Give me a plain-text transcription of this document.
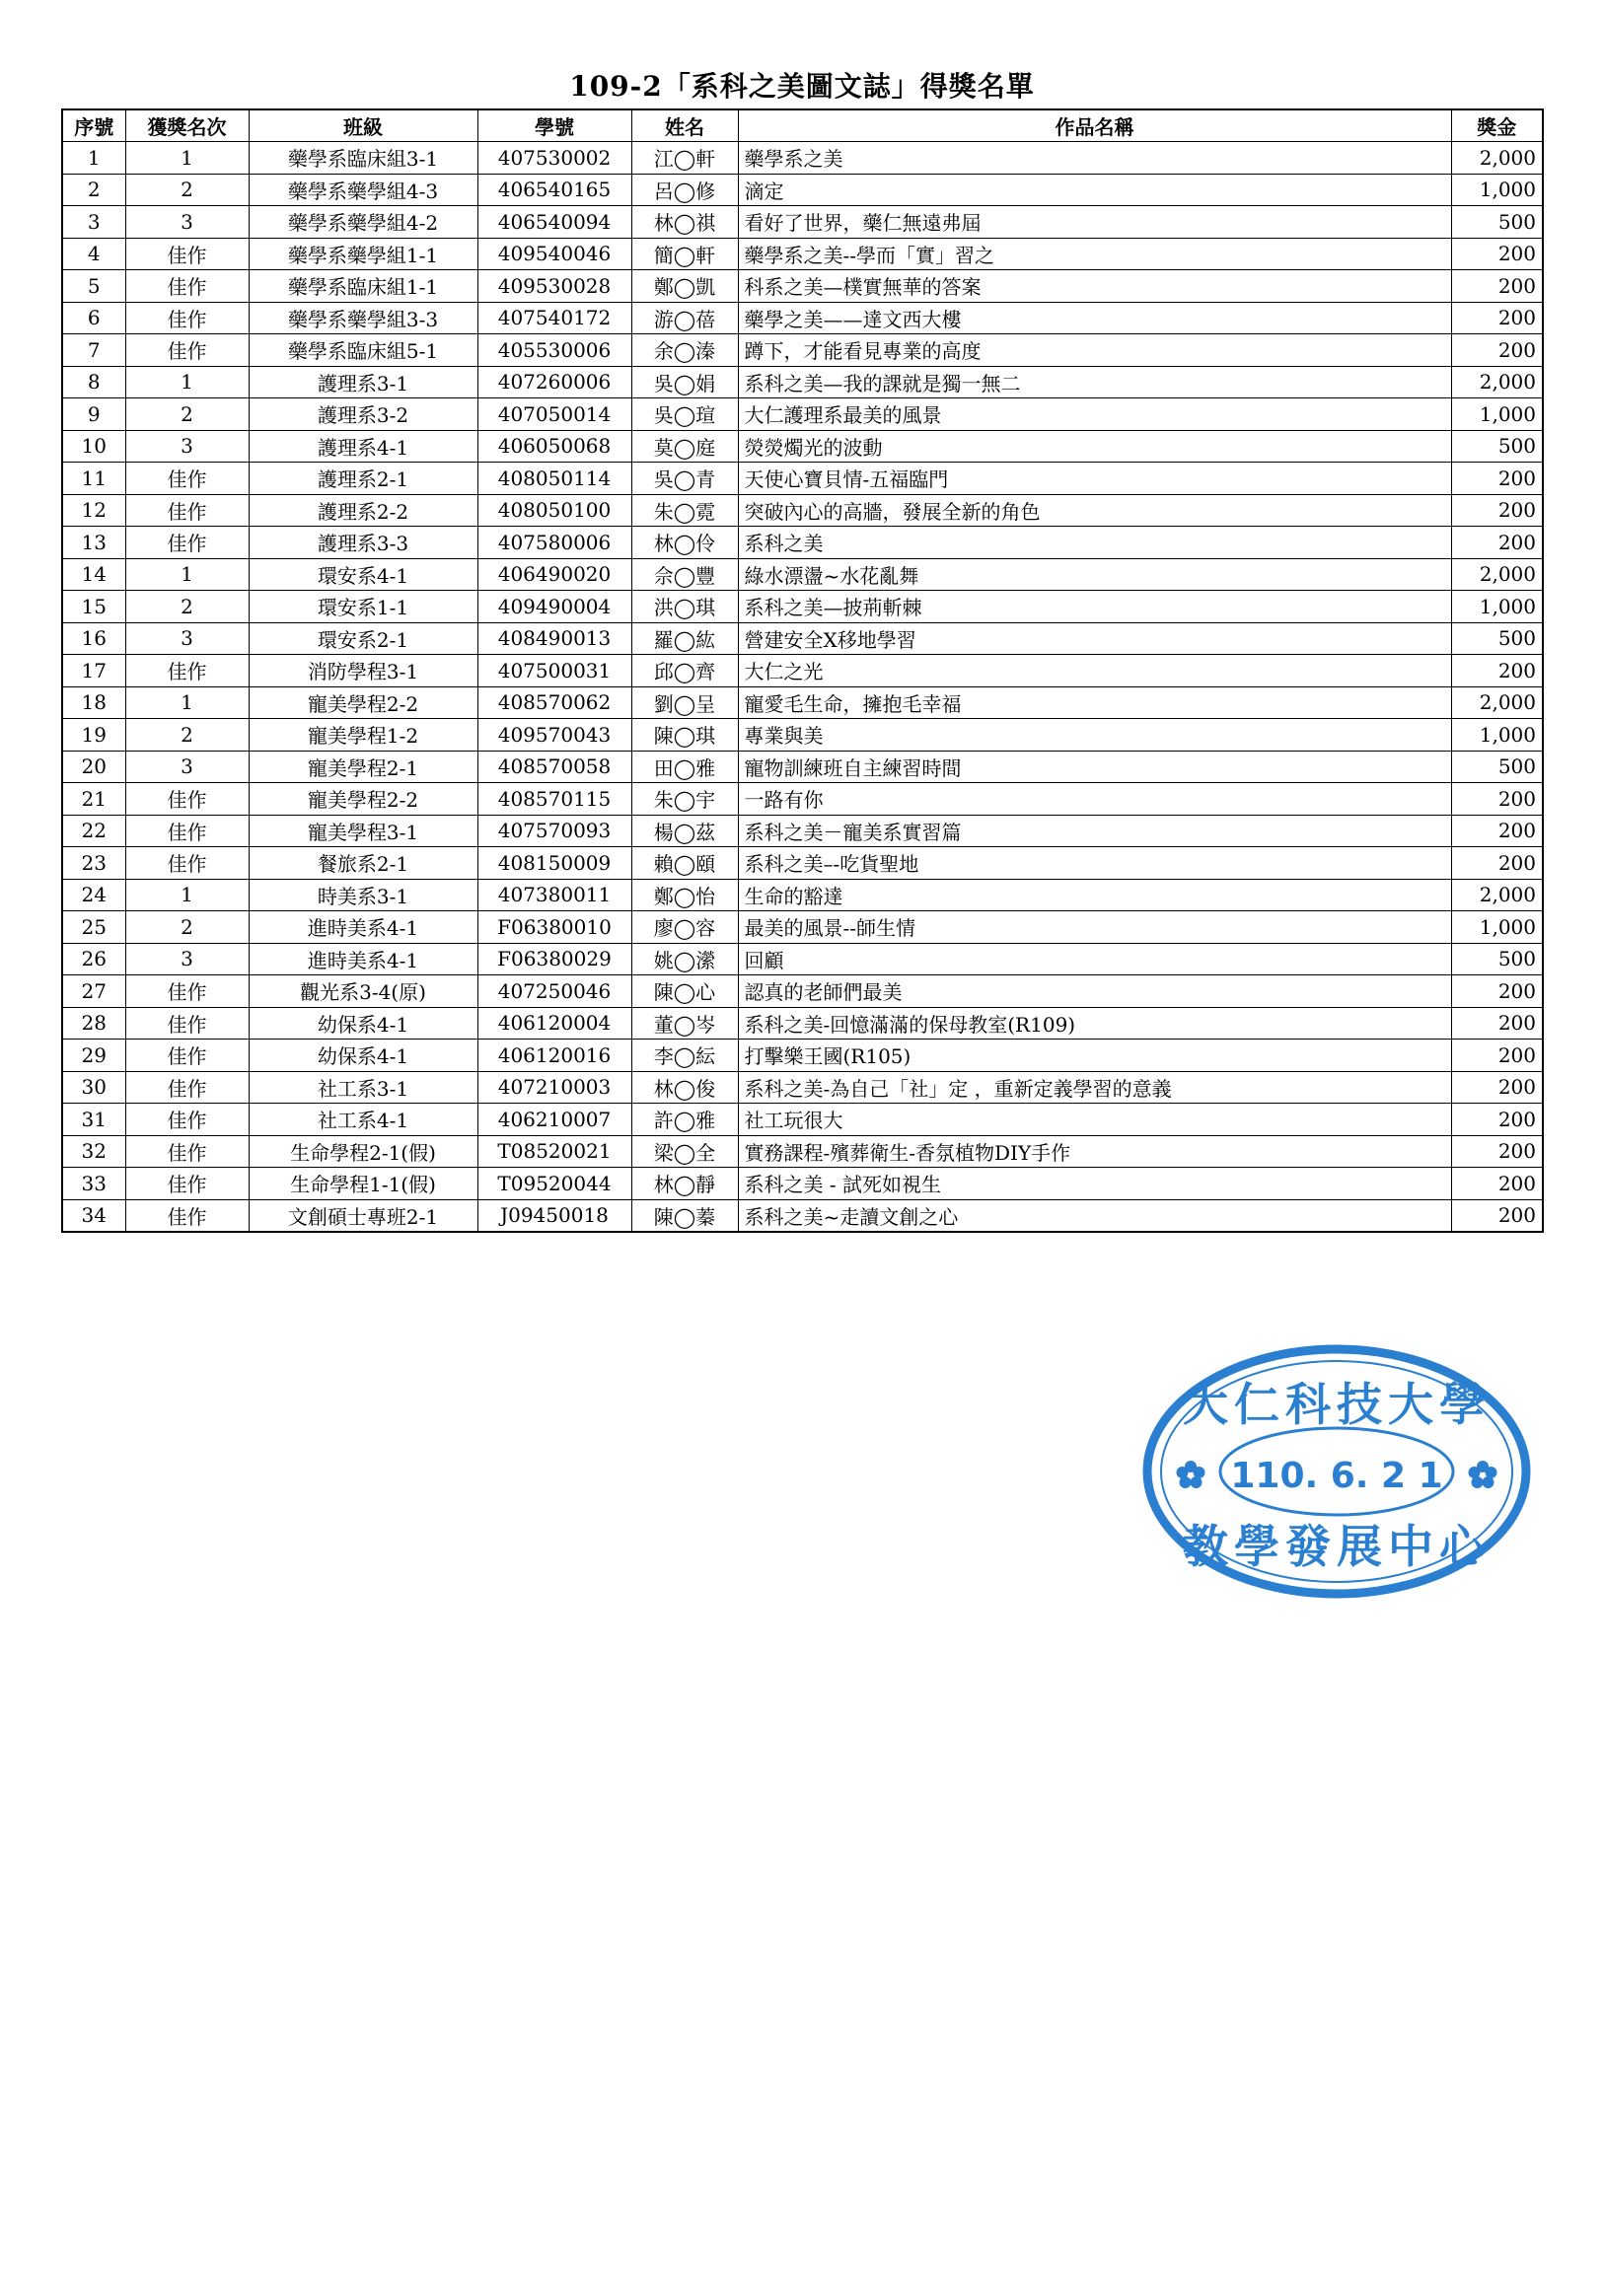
109-2「系科之美圖文誌」得獎名單
序號	獲獎名次	班級	學號	姓名	作品名稱	獎金
1	1	藥學系臨床組3-1	407530002	江◯軒	藥學系之美	2,000
2	2	藥學系藥學組4-3	406540165	呂◯修	滴定	1,000
3	3	藥學系藥學組4-2	406540094	林◯祺	看好了世界，藥仁無遠弗屆	500
4	佳作	藥學系藥學組1-1	409540046	簡◯軒	藥學系之美--學而「實」習之	200
5	佳作	藥學系臨床組1-1	409530028	鄭◯凱	科系之美—樸實無華的答案	200
6	佳作	藥學系藥學組3-3	407540172	游◯蓓	藥學之美——達文西大樓	200
7	佳作	藥學系臨床組5-1	405530006	余◯溱	蹲下，才能看見專業的高度	200
8	1	護理系3-1	407260006	吳◯娟	系科之美—我的課就是獨一無二	2,000
9	2	護理系3-2	407050014	吳◯瑄	大仁護理系最美的風景	1,000
10	3	護理系4-1	406050068	莫◯庭	熒熒燭光的波動	500
11	佳作	護理系2-1	408050114	吳◯青	天使心寶貝情-五福臨門	200
12	佳作	護理系2-2	408050100	朱◯霓	突破內心的高牆，發展全新的角色	200
13	佳作	護理系3-3	407580006	林◯伶	系科之美	200
14	1	環安系4-1	406490020	佘◯豐	綠水漂盪~水花亂舞	2,000
15	2	環安系1-1	409490004	洪◯琪	系科之美—披荊斬棘	1,000
16	3	環安系2-1	408490013	羅◯紘	營建安全X移地學習	500
17	佳作	消防學程3-1	407500031	邱◯齊	大仁之光	200
18	1	寵美學程2-2	408570062	劉◯呈	寵愛毛生命，擁抱毛幸福	2,000
19	2	寵美學程1-2	409570043	陳◯琪	專業與美	1,000
20	3	寵美學程2-1	408570058	田◯雅	寵物訓練班自主練習時間	500
21	佳作	寵美學程2-2	408570115	朱◯宇	一路有你	200
22	佳作	寵美學程3-1	407570093	楊◯茲	系科之美－寵美系實習篇	200
23	佳作	餐旅系2-1	408150009	賴◯頤	系科之美–-吃貨聖地	200
24	1	時美系3-1	407380011	鄭◯怡	生命的豁達	2,000
25	2	進時美系4-1	F06380010	廖◯容	最美的風景--師生情	1,000
26	3	進時美系4-1	F06380029	姚◯瀠	回顧	500
27	佳作	觀光系3-4(原)	407250046	陳◯心	認真的老師們最美	200
28	佳作	幼保系4-1	406120004	董◯岑	系科之美-回憶滿滿的保母教室(R109)	200
29	佳作	幼保系4-1	406120016	李◯紜	打擊樂王國(R105)	200
30	佳作	社工系3-1	407210003	林◯俊	系科之美-為自己「社」定 ，重新定義學習的意義	200
31	佳作	社工系4-1	406210007	許◯雅	社工玩很大	200
32	佳作	生命學程2-1(假)	T08520021	梁◯全	實務課程-殯葬衛生-香氛植物DIY手作	200
33	佳作	生命學程1-1(假)	T09520044	林◯靜	系科之美 - 試死如視生	200
34	佳作	文創碩士專班2-1	J09450018	陳◯蓁	系科之美~走讀文創之心	200
大仁科技大學
110. 6. 2 1
教學發展中心
